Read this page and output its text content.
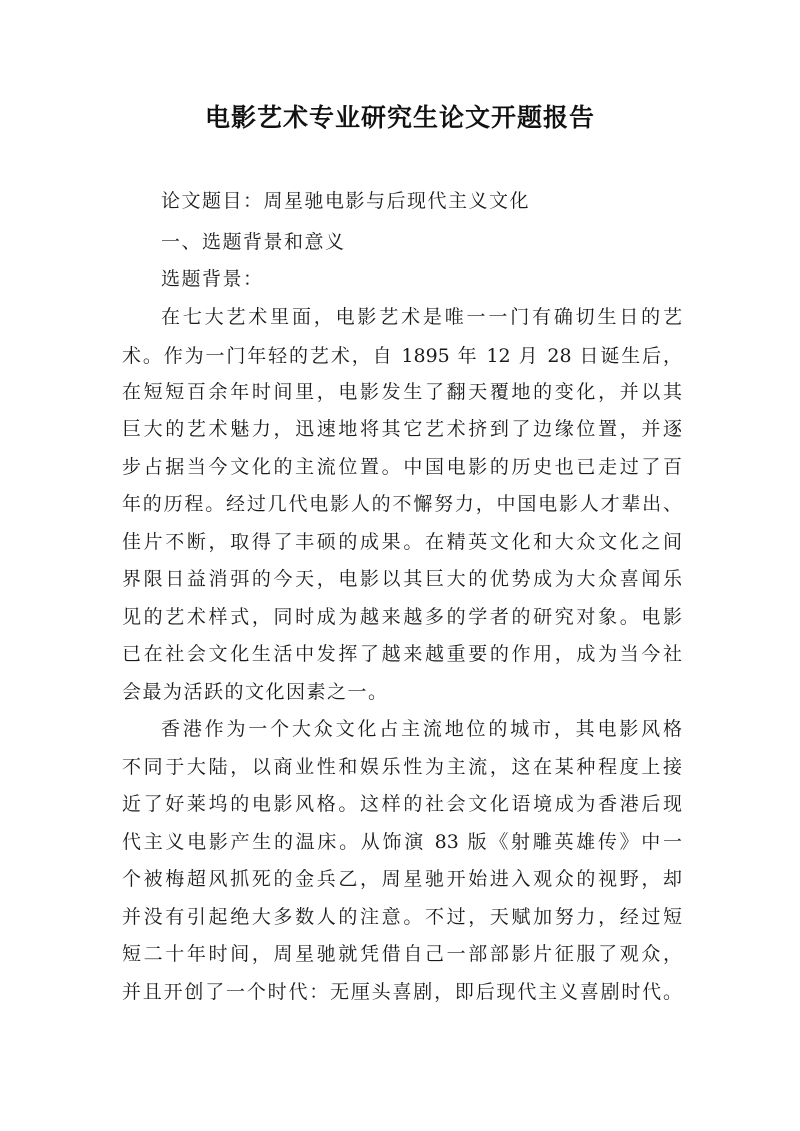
电影艺术专业研究生论文开题报告
论文题目：周星驰电影与后现代主义文化
一、选题背景和意义
选题背景：
在七大艺术里面，电影艺术是唯一一门有确切生日的艺
术。作为一门年轻的艺术，自 1895 年 12 月 28 日诞生后，
在短短百余年时间里，电影发生了翻天覆地的变化，并以其
巨大的艺术魅力，迅速地将其它艺术挤到了边缘位置，并逐
步占据当今文化的主流位置。中国电影的历史也已走过了百
年的历程。经过几代电影人的不懈努力，中国电影人才辈出、
佳片不断，取得了丰硕的成果。在精英文化和大众文化之间
界限日益消弭的今天，电影以其巨大的优势成为大众喜闻乐
见的艺术样式，同时成为越来越多的学者的研究对象。电影
已在社会文化生活中发挥了越来越重要的作用，成为当今社
会最为活跃的文化因素之一。
香港作为一个大众文化占主流地位的城市，其电影风格
不同于大陆，以商业性和娱乐性为主流，这在某种程度上接
近了好莱坞的电影风格。这样的社会文化语境成为香港后现
代主义电影产生的温床。从饰演 83 版《射雕英雄传》中一
个被梅超风抓死的金兵乙，周星驰开始进入观众的视野，却
并没有引起绝大多数人的注意。不过，天赋加努力，经过短
短二十年时间，周星驰就凭借自己一部部影片征服了观众，
并且开创了一个时代：无厘头喜剧，即后现代主义喜剧时代。
